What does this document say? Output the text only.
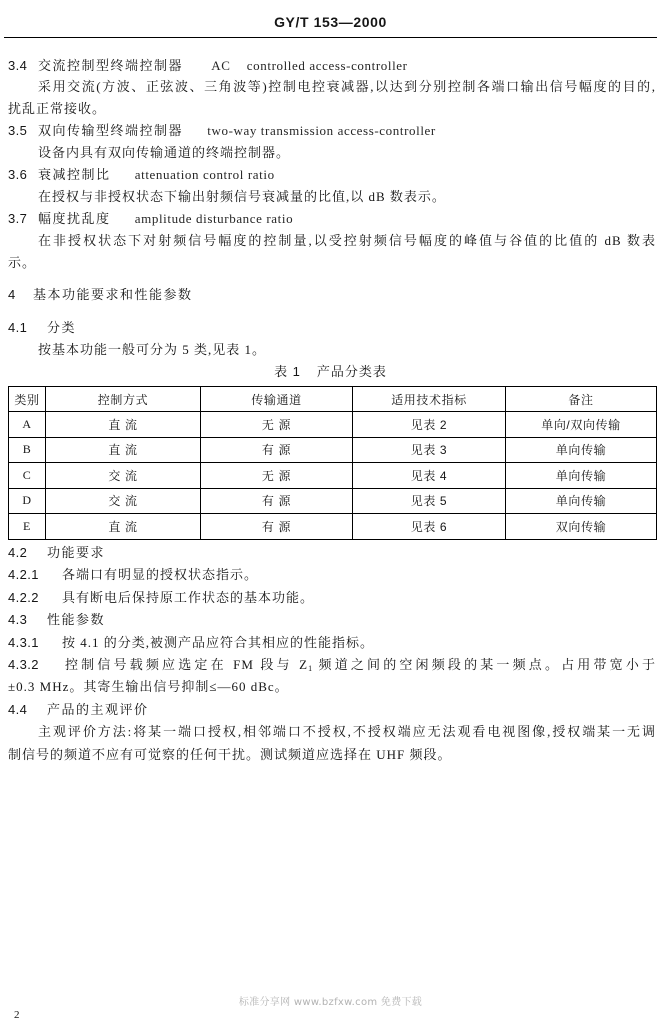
GY/T 153—2000
3.4 交流控制型终端控制器 AC controlled access-controller
采用交流(方波、正弦波、三角波等)控制电控衰减器,以达到分别控制各端口输出信号幅度的目的,
扰乱正常接收。
3.5 双向传输型终端控制器 two-way transmission access-controller
设备内具有双向传输通道的终端控制器。
3.6 衰减控制比 attenuation control ratio
在授权与非授权状态下输出射频信号衰减量的比值,以 dB 数表示。
3.7 幅度扰乱度 amplitude disturbance ratio
在非授权状态下对射频信号幅度的控制量,以受控射频信号幅度的峰值与谷值的比值的 dB 数表
示。
4 基本功能要求和性能参数
4.1 分类
按基本功能一般可分为 5 类,见表 1。
表 1 产品分类表
类别	控制方式	传输通道	适用技术指标	备注
A	直 流	无 源	见表 2	单向/双向传输
B	直 流	有 源	见表 3	单向传输
C	交 流	无 源	见表 4	单向传输
D	交 流	有 源	见表 5	单向传输
E	直 流	有 源	见表 6	双向传输
4.2 功能要求
4.2.1 各端口有明显的授权状态指示。
4.2.2 具有断电后保持原工作状态的基本功能。
4.3 性能参数
4.3.1 按 4.1 的分类,被测产品应符合其相应的性能指标。
4.3.2 控制信号载频应选定在 FM 段与 $Z_1$ 频道之间的空闲频段的某一频点。占用带宽小于
±0.3 MHz。其寄生输出信号抑制≤—60 dBc。
4.4 产品的主观评价
主观评价方法:将某一端口授权,相邻端口不授权,不授权端应无法观看电视图像,授权端某一无调
制信号的频道不应有可觉察的任何干扰。测试频道应选择在 UHF 频段。
标准分享网 www.bzfxw.com 免费下载
2
